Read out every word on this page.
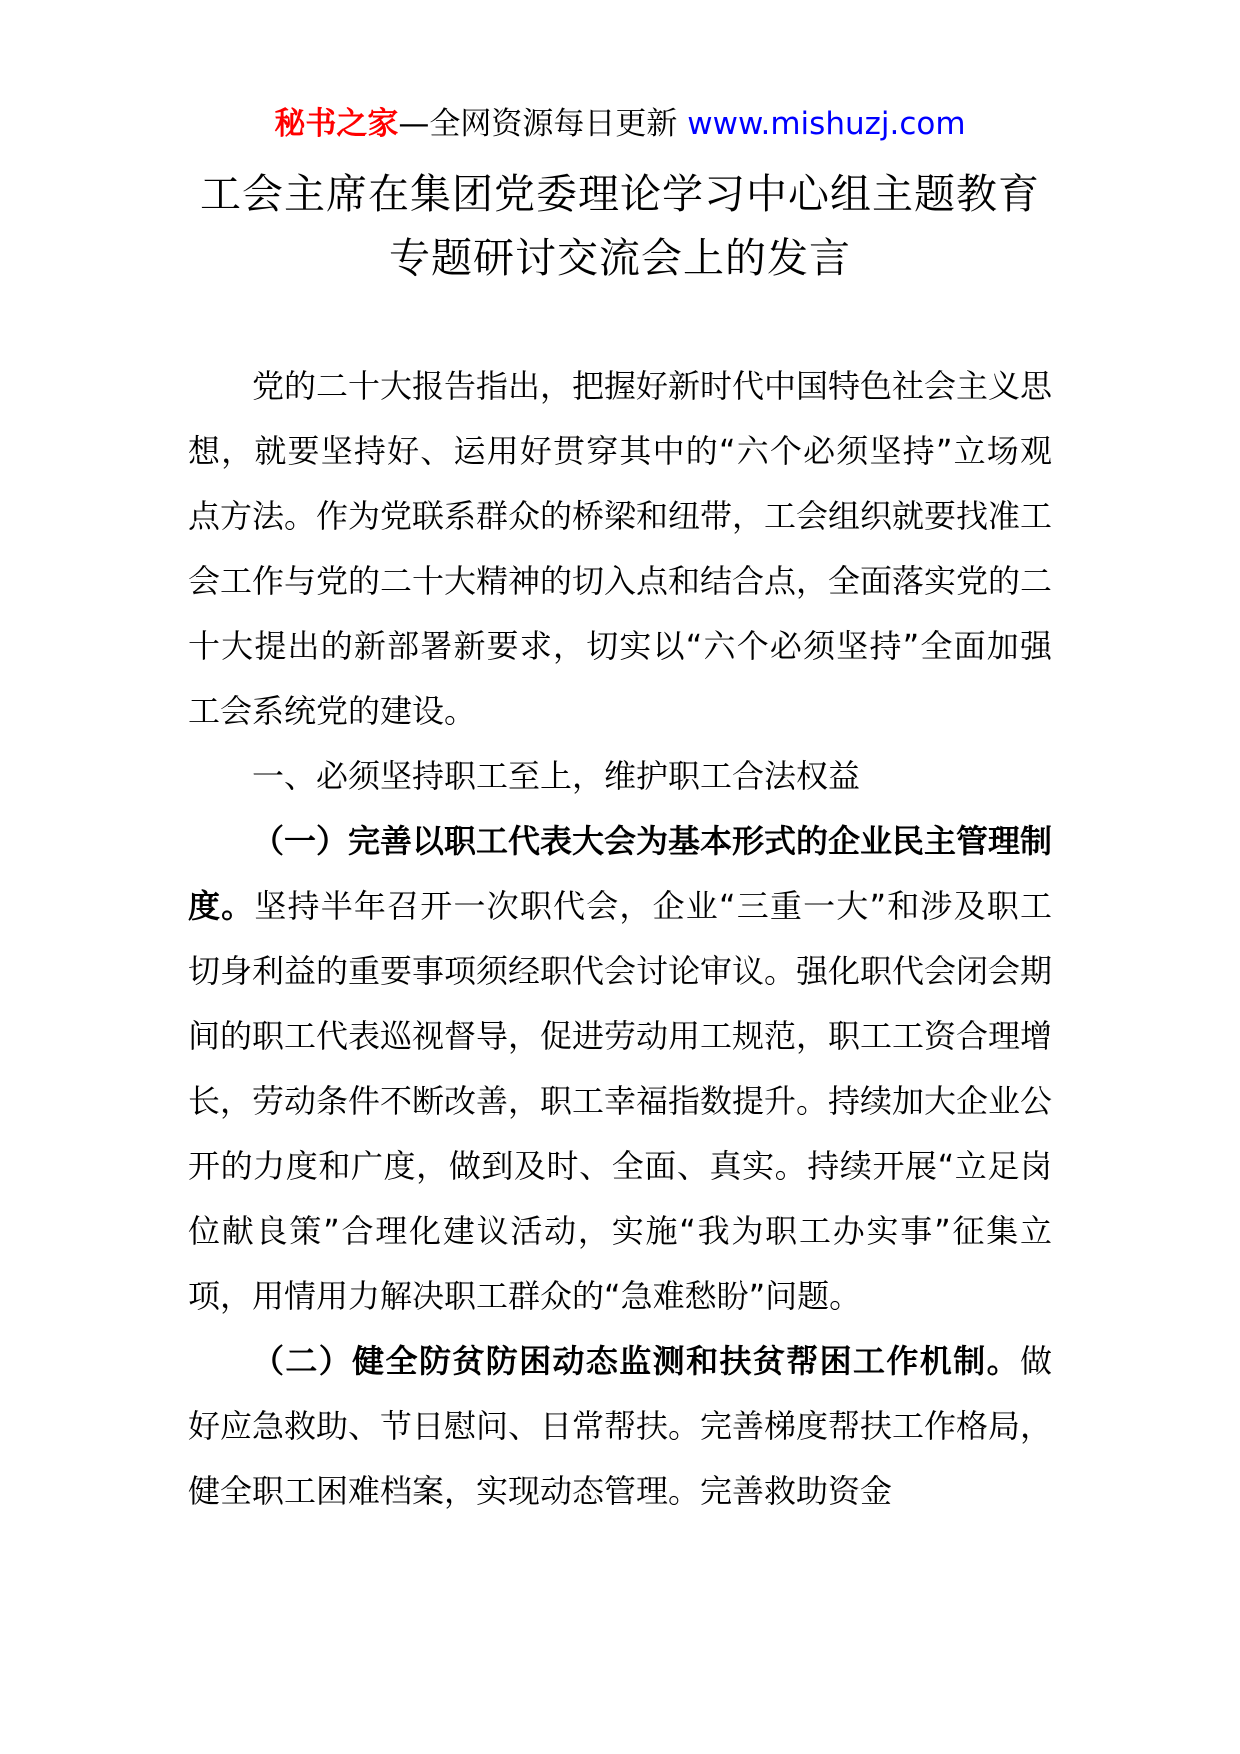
秘书之家—全网资源每日更新 www.mishuzj.com
工会主席在集团党委理论学习中心组主题教育
专题研讨交流会上的发言

党的二十大报告指出，把握好新时代中国特色社会主义思想，就要坚持好、运用好贯穿其中的“六个必须坚持”立场观点方法。作为党联系群众的桥梁和纽带，工会组织就要找准工会工作与党的二十大精神的切入点和结合点，全面落实党的二十大提出的新部署新要求，切实以“六个必须坚持”全面加强工会系统党的建设。

一、必须坚持职工至上，维护职工合法权益

（一）完善以职工代表大会为基本形式的企业民主管理制度。坚持半年召开一次职代会，企业“三重一大”和涉及职工切身利益的重要事项须经职代会讨论审议。强化职代会闭会期间的职工代表巡视督导，促进劳动用工规范，职工工资合理增长，劳动条件不断改善，职工幸福指数提升。持续加大企业公开的力度和广度，做到及时、全面、真实。持续开展“立足岗位献良策”合理化建议活动，实施“我为职工办实事”征集立项，用情用力解决职工群众的“急难愁盼”问题。

（二）健全防贫防困动态监测和扶贫帮困工作机制。做好应急救助、节日慰问、日常帮扶。完善梯度帮扶工作格局，健全职工困难档案，实现动态管理。完善救助资金
